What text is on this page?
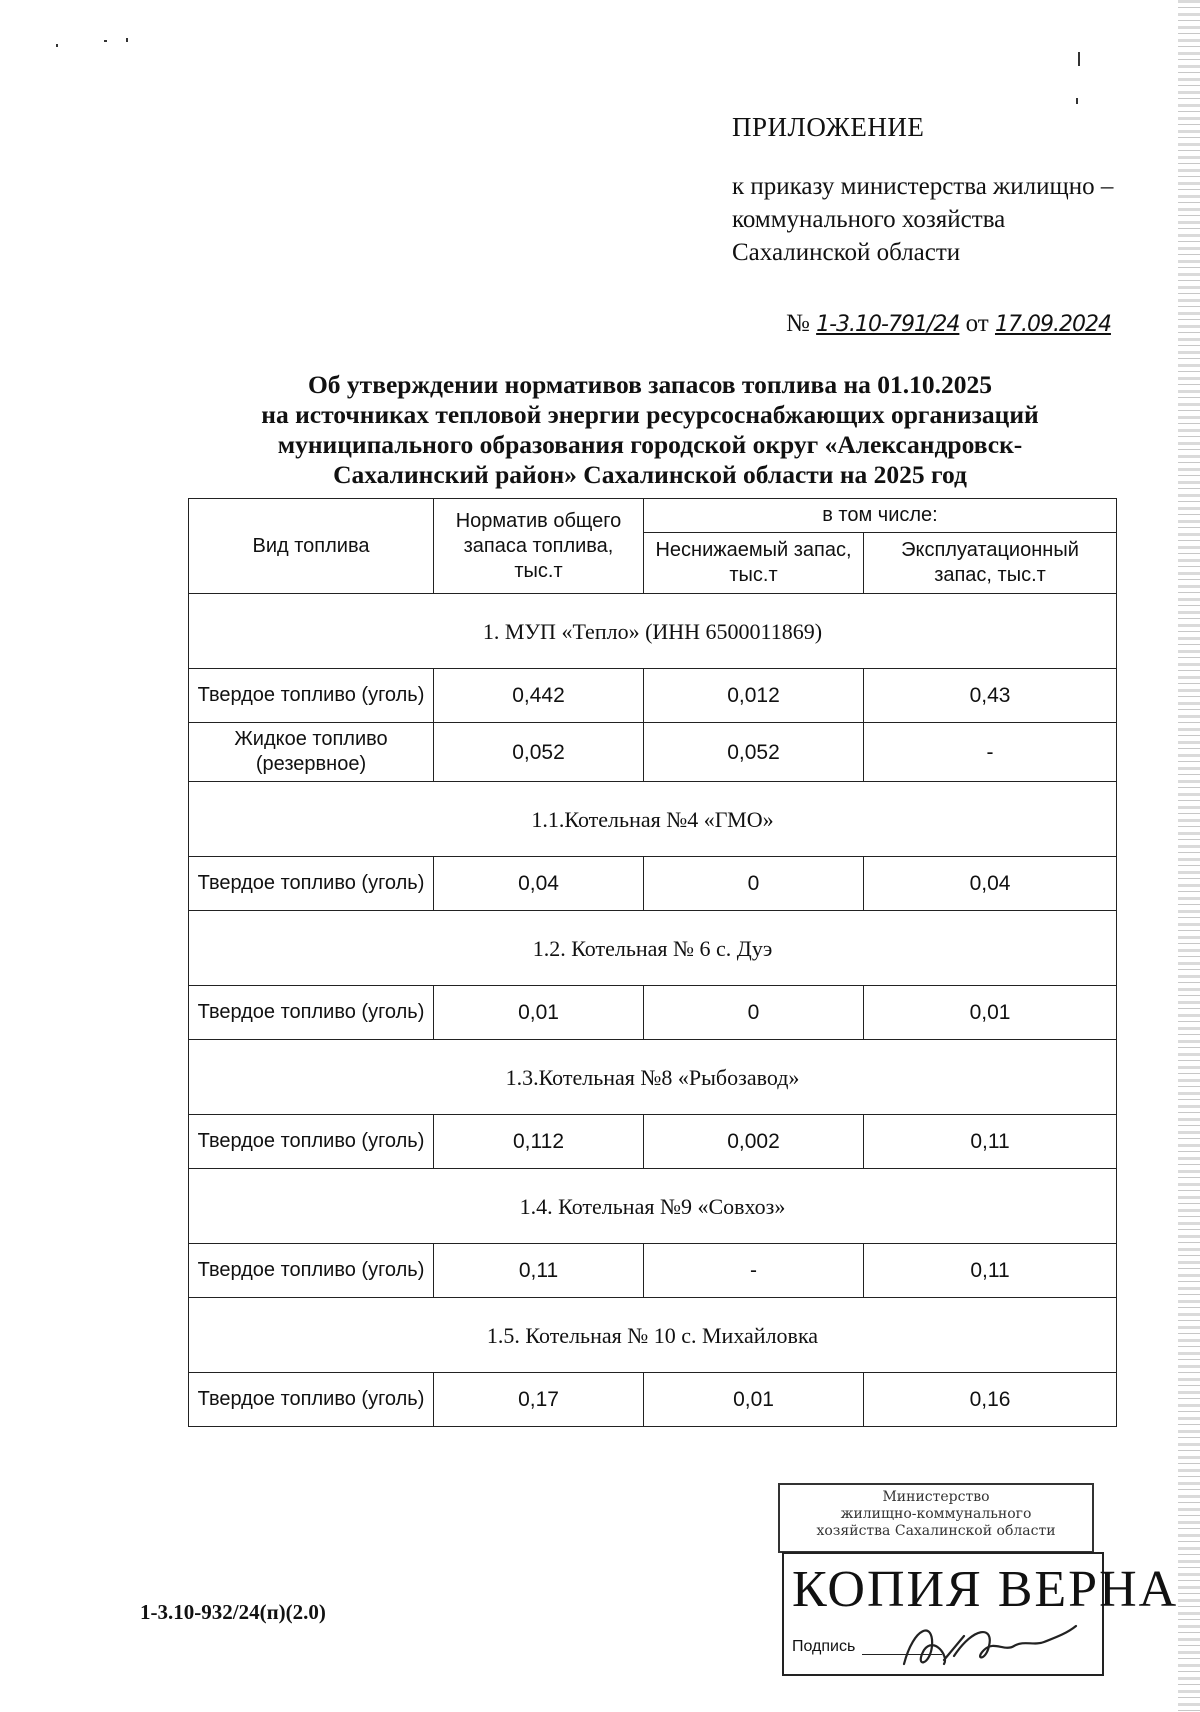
ПРИЛОЖЕНИЕ
к приказу министерства жилищно – коммунального хозяйства Сахалинской области
№ 1-3.10-791/24 от 17.09.2024
Об утверждении нормативов запасов топлива на 01.10.2025
на источниках тепловой энергии ресурсоснабжающих организаций
муниципального образования городской округ «Александровск-
Сахалинский район» Сахалинской области на 2025 год
Вид топлива	Норматив общего запаса топлива, тыс.т	в том числе:	
		Неснижаемый запас, тыс.т	Эксплуатационный запас, тыс.т
1. МУП «Тепло» (ИНН 6500011869)			
Твердое топливо (уголь)	0,442	0,012	0,43
Жидкое топливо (резервное)	0,052	0,052	-
1.1.Котельная №4 «ГМО»			
Твердое топливо (уголь)	0,04	0	0,04
1.2. Котельная № 6 с. Дуэ			
Твердое топливо (уголь)	0,01	0	0,01
1.3.Котельная №8 «Рыбозавод»			
Твердое топливо (уголь)	0,112	0,002	0,11
1.4. Котельная №9 «Совхоз»			
Твердое топливо (уголь)	0,11	-	0,11
1.5. Котельная № 10 с. Михайловка			
Твердое топливо (уголь)	0,17	0,01	0,16
1-3.10-932/24(п)(2.0)
Министерство
жилищно-коммунального
хозяйства Сахалинской области
КОПИЯ ВЕРНА
Подпись
